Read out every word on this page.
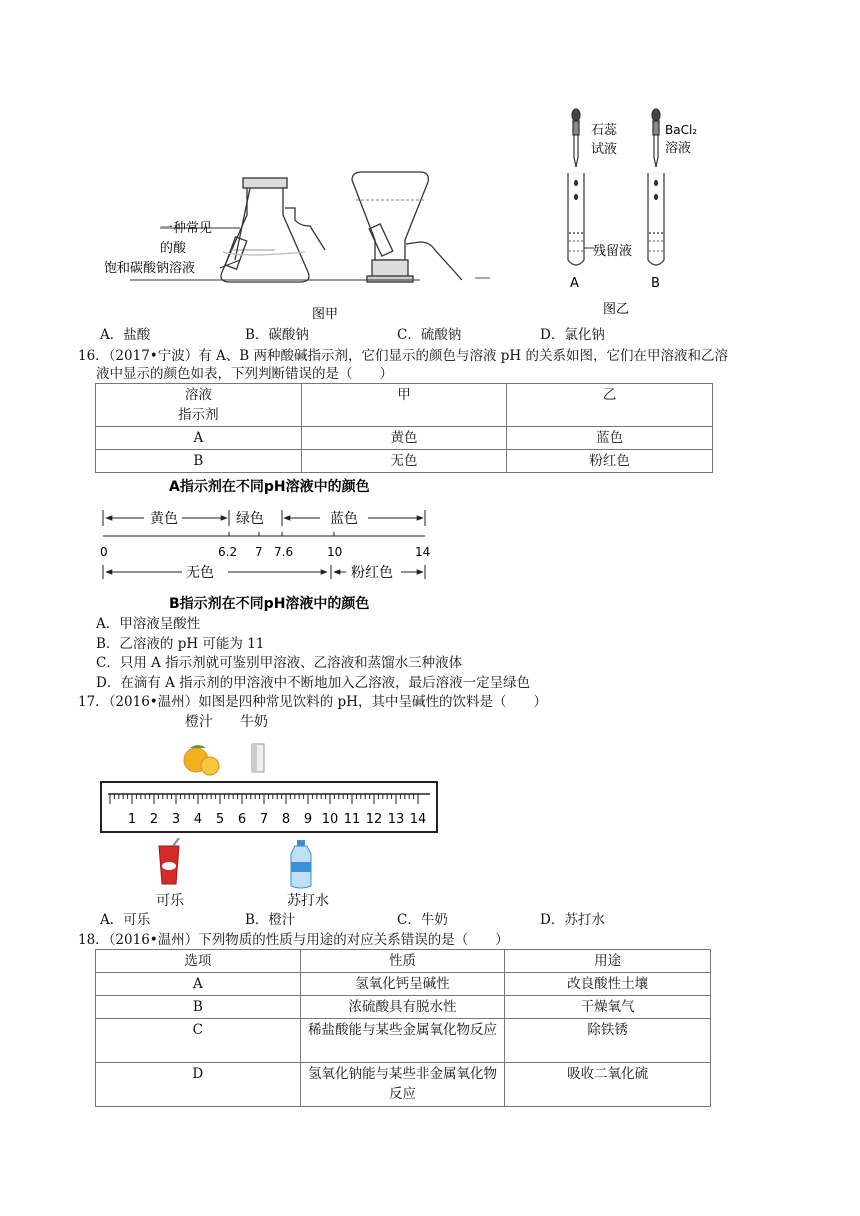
一种常见
的酸
饱和碳酸钠溶液
图甲
石蕊
试液
BaCl₂
溶液
残留液
A	B
图乙
A．盐酸	B．碳酸钠	C．硫酸钠	D．氯化钠
16．（2017•宁波）有 A、B 两种酸碱指示剂，它们显示的颜色与溶液 pH 的关系如图，它们在甲溶液和乙溶
液中显示的颜色如表，下列判断错误的是（　　）
溶液
指示剂	甲	乙
A	黄色	蓝色
B	无色	粉红色
A指示剂在不同pH溶液中的颜色
黄色	绿色	蓝色
0	6.2 7 7.6	10	14
无色	粉红色
B指示剂在不同pH溶液中的颜色
A．甲溶液呈酸性
B．乙溶液的 pH 可能为 11
C．只用 A 指示剂就可鉴别甲溶液、乙溶液和蒸馏水三种液体
D．在滴有 A 指示剂的甲溶液中不断地加入乙溶液，最后溶液一定呈绿色
17．（2016•温州）如图是四种常见饮料的 pH，其中呈碱性的饮料是（　　）
橙汁 牛奶
1 2 3 4 5 6 7 8 9 10 11 12 13 14
可乐	苏打水
A．可乐	B．橙汁	C．牛奶	D．苏打水
18．（2016•温州）下列物质的性质与用途的对应关系错误的是（　　）
选项	性质	用途
A	氢氧化钙呈碱性	改良酸性土壤
B	浓硫酸具有脱水性	干燥氧气
C	稀盐酸能与某些金属氧化物反应	除铁锈
D	氢氧化钠能与某些非金属氧化物反应	吸收二氧化硫
